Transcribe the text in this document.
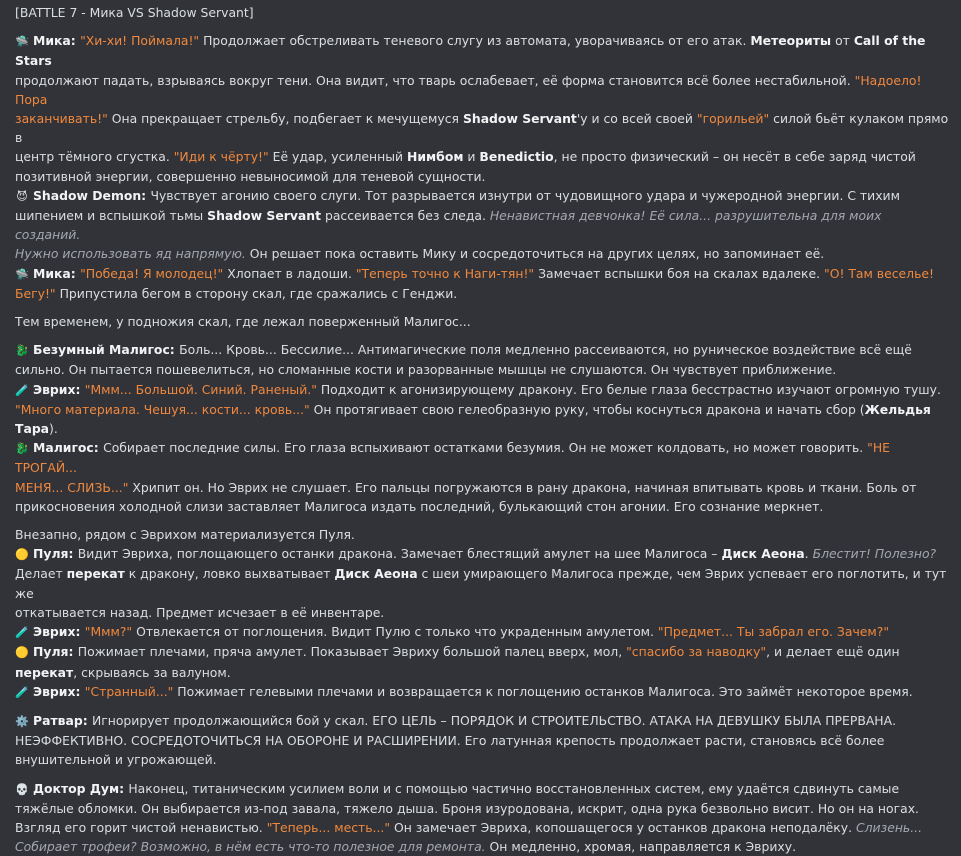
[BATTLE 7 - Мика VS Shadow Servant]

🛸 Мика: "Хи-хи! Поймала!" Продолжает обстреливать теневого слугу из автомата, уворачиваясь от его атак. Метеориты от Call of the Stars

продолжают падать, взрываясь вокруг тени. Она видит, что тварь ослабевает, её форма становится всё более нестабильной. "Надоело! Пора

заканчивать!" Она прекращает стрельбу, подбегает к мечущемуся Shadow Servant'у и со всей своей "горильей" силой бьёт кулаком прямо в

центр тёмного сгустка. "Иди к чёрту!" Её удар, усиленный Нимбом и Benedictio, не просто физический – он несёт в себе заряд чистой

позитивной энергии, совершенно невыносимой для теневой сущности.

😈 Shadow Demon: Чувствует агонию своего слуги. Тот разрывается изнутри от чудовищного удара и чужеродной энергии. С тихим

шипением и вспышкой тьмы Shadow Servant рассеивается без следа. Ненавистная девчонка! Её сила... разрушительна для моих созданий.

Нужно использовать яд напрямую. Он решает пока оставить Мику и сосредоточиться на других целях, но запоминает её.

🛸 Мика: "Победа! Я молодец!" Хлопает в ладоши. "Теперь точно к Наги-тян!" Замечает вспышки боя на скалах вдалеке. "О! Там веселье!

Бегу!" Припустила бегом в сторону скал, где сражались с Генджи.

Тем временем, у подножия скал, где лежал поверженный Малигос...

🐉 Безумный Малигос: Боль... Кровь... Бессилие... Антимагические поля медленно рассеиваются, но руническое воздействие всё ещё

сильно. Он пытается пошевелиться, но сломанные кости и разорванные мышцы не слушаются. Он чувствует приближение.

🧪 Эврих: "Ммм... Большой. Синий. Раненый." Подходит к агонизирующему дракону. Его белые глаза бесстрастно изучают огромную тушу.

"Много материала. Чешуя... кости... кровь..." Он протягивает свою гелеобразную руку, чтобы коснуться дракона и начать сбор (Жельдья

Тара).

🐉 Малигос: Собирает последние силы. Его глаза вспыхивают остатками безумия. Он не может колдовать, но может говорить. "НЕ ТРОГАЙ...

МЕНЯ... СЛИЗЬ..." Хрипит он. Но Эврих не слушает. Его пальцы погружаются в рану дракона, начиная впитывать кровь и ткани. Боль от

прикосновения холодной слизи заставляет Малигоса издать последний, булькающий стон агонии. Его сознание меркнет.

Внезапно, рядом с Эврихом материализуется Пуля.

🟡 Пуля: Видит Эвриха, поглощающего останки дракона. Замечает блестящий амулет на шее Малигоса – Диск Аеона. Блестит! Полезно?

Делает перекат к дракону, ловко выхватывает Диск Аеона с шеи умирающего Малигоса прежде, чем Эврих успевает его поглотить, и тут же

откатывается назад. Предмет исчезает в её инвентаре.

🧪 Эврих: "Ммм?" Отвлекается от поглощения. Видит Пулю с только что украденным амулетом. "Предмет... Ты забрал его. Зачем?"

🟡 Пуля: Пожимает плечами, пряча амулет. Показывает Эвриху большой палец вверх, мол, "спасибо за наводку", и делает ещё один

перекат, скрываясь за валуном.

🧪 Эврих: "Странный..." Пожимает гелевыми плечами и возвращается к поглощению останков Малигоса. Это займёт некоторое время.

⚙️ Ратвар: Игнорирует продолжающийся бой у скал. ЕГО ЦЕЛЬ – ПОРЯДОК И СТРОИТЕЛЬСТВО. АТАКА НА ДЕВУШКУ БЫЛА ПРЕРВАНА.

НЕЭФФЕКТИВНО. СОСРЕДОТОЧИТЬСЯ НА ОБОРОНЕ И РАСШИРЕНИИ. Его латунная крепость продолжает расти, становясь всё более

внушительной и угрожающей.

💀 Доктор Дум: Наконец, титаническим усилием воли и с помощью частично восстановленных систем, ему удаётся сдвинуть самые

тяжёлые обломки. Он выбирается из-под завала, тяжело дыша. Броня изуродована, искрит, одна рука безвольно висит. Но он на ногах.

Взгляд его горит чистой ненавистью. "Теперь... месть..." Он замечает Эвриха, копошащегося у останков дракона неподалёку. Слизень...

Собирает трофеи? Возможно, в нём есть что-то полезное для ремонта. Он медленно, хромая, направляется к Эвриху.
